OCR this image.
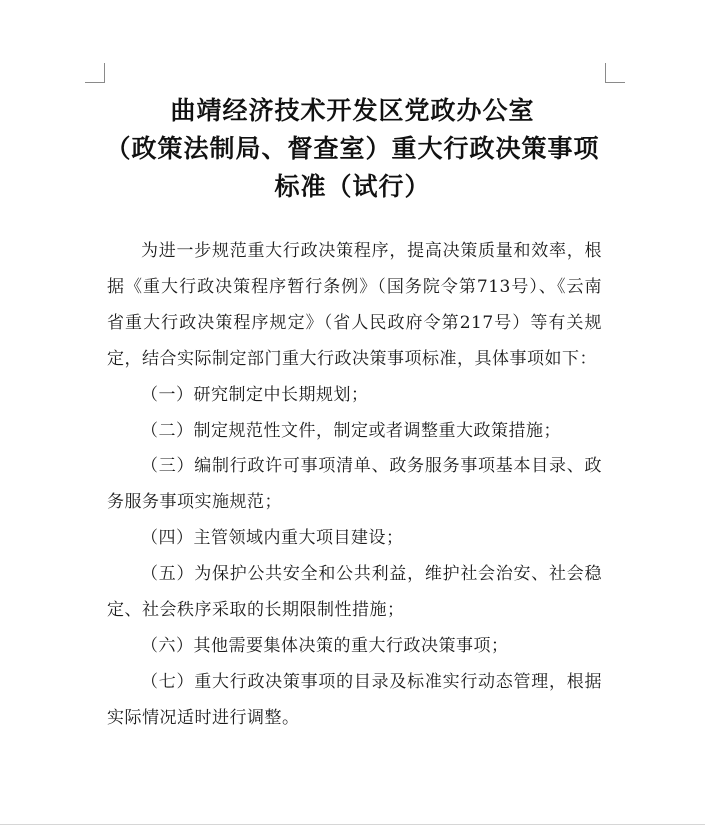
曲靖经济技术开发区党政办公室
（政策法制局、督查室）重大行政决策事项
标准（试行）

为进一步规范重大行政决策程序，提高决策质量和效率，根据《重大行政决策程序暂行条例》（国务院令第713号）、《云南省重大行政决策程序规定》（省人民政府令第217号）等有关规定，结合实际制定部门重大行政决策事项标准，具体事项如下：

（一）研究制定中长期规划；

（二）制定规范性文件，制定或者调整重大政策措施；

（三）编制行政许可事项清单、政务服务事项基本目录、政务服务事项实施规范；

（四）主管领域内重大项目建设；

（五）为保护公共安全和公共利益，维护社会治安、社会稳定、社会秩序采取的长期限制性措施；

（六）其他需要集体决策的重大行政决策事项；

（七）重大行政决策事项的目录及标准实行动态管理，根据实际情况适时进行调整。
